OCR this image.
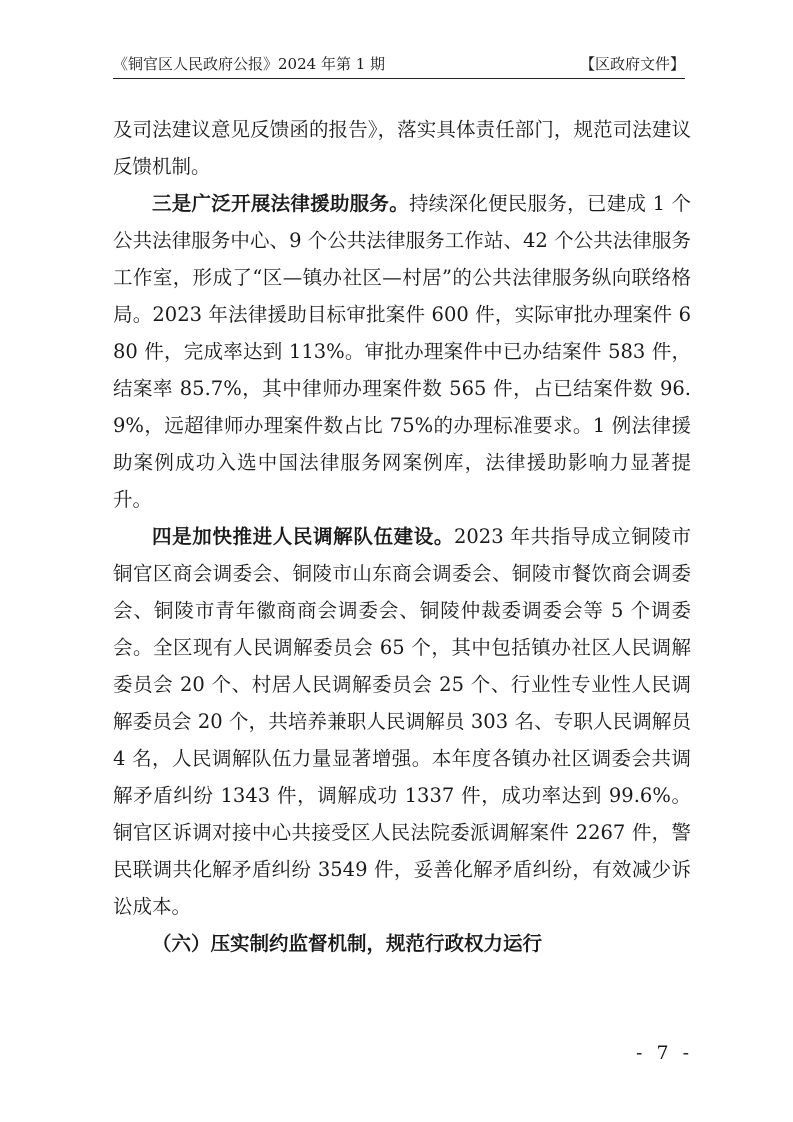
《铜官区人民政府公报》2024 年第 1 期	【区政府文件】

及司法建议意见反馈函的报告》，落实具体责任部门，规范司法建议反馈机制。

三是广泛开展法律援助服务。持续深化便民服务，已建成 1 个公共法律服务中心、9 个公共法律服务工作站、42 个公共法律服务工作室，形成了“区—镇办社区—村居”的公共法律服务纵向联络格局。2023 年法律援助目标审批案件 600 件，实际审批办理案件 680 件，完成率达到 113%。审批办理案件中已办结案件 583 件，结案率 85.7%，其中律师办理案件数 565 件，占已结案件数 96.9%，远超律师办理案件数占比 75%的办理标准要求。1 例法律援助案例成功入选中国法律服务网案例库，法律援助影响力显著提升。

四是加快推进人民调解队伍建设。2023 年共指导成立铜陵市铜官区商会调委会、铜陵市山东商会调委会、铜陵市餐饮商会调委会、铜陵市青年徽商商会调委会、铜陵仲裁委调委会等 5 个调委会。全区现有人民调解委员会 65 个，其中包括镇办社区人民调解委员会 20 个、村居人民调解委员会 25 个、行业性专业性人民调解委员会 20 个，共培养兼职人民调解员 303 名、专职人民调解员 4 名，人民调解队伍力量显著增强。本年度各镇办社区调委会共调解矛盾纠纷 1343 件，调解成功 1337 件，成功率达到 99.6%。铜官区诉调对接中心共接受区人民法院委派调解案件 2267 件，警民联调共化解矛盾纠纷 3549 件，妥善化解矛盾纠纷，有效减少诉讼成本。

（六）压实制约监督机制，规范行政权力运行

- 7 -
